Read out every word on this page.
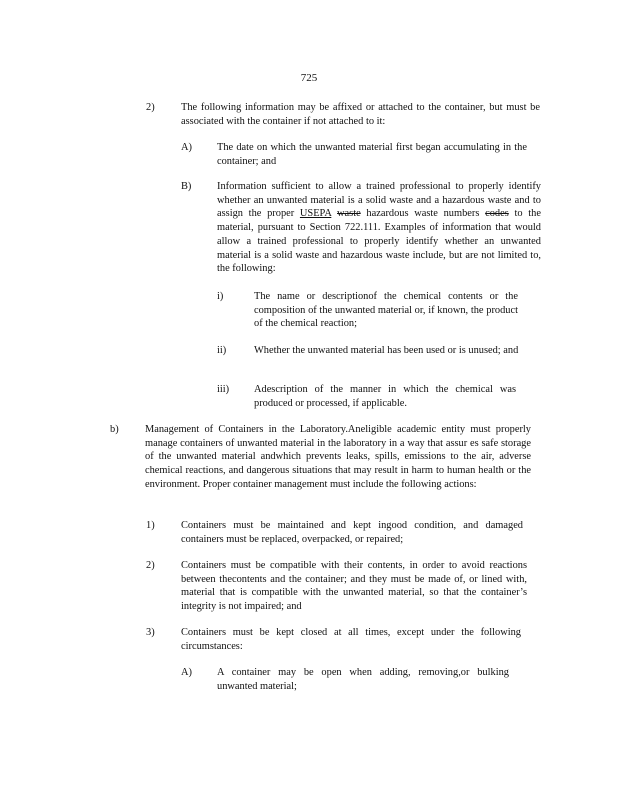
725
2)	The following information may be affixed or attached to the container, but must be associated with the container if not attached to it:
A) The date on which the unwanted material first began accumulating in the container; and
B) Information sufficient to allow a trained professional to properly identify whether an unwanted material is a solid waste and a hazardous waste and to assign the proper USEPA waste hazardous waste numbers codes to the material, pursuant to Section 722.111. Examples of information that would allow a trained professional to properly identify whether an unwanted material is a solid waste and hazardous waste include, but are not limited to, the following:
i)	The name or descriptionof the chemical contents or the composition of the unwanted material or, if known, the product of the chemical reaction;
ii)	Whether the unwanted material has been used or is unused; and
iii) Adescription of the manner in which the chemical was produced or processed, if applicable.
b)	Management of Containers in the Laboratory.Aneligible academic entity must properly manage containers of unwanted material in the laboratory in a way that assur es safe storage of the unwanted material andwhich prevents leaks, spills, emissions to the air, adverse chemical reactions, and dangerous situations that may result in harm to human health or the environment. Proper container management must include the following actions:
1)	Containers must be maintained and kept ingood condition, and damaged containers must be replaced, overpacked, or repaired;
2)	Containers must be compatible with their contents, in order to avoid reactions between thecontents and the container; and they must be made of, or lined with, material that is compatible with the unwanted material, so that the container’s integrity is not impaired; and
3)	Containers must be kept closed at all times, except under the following circumstances:
A) A container may be open when adding, removing,or bulking unwanted material;
